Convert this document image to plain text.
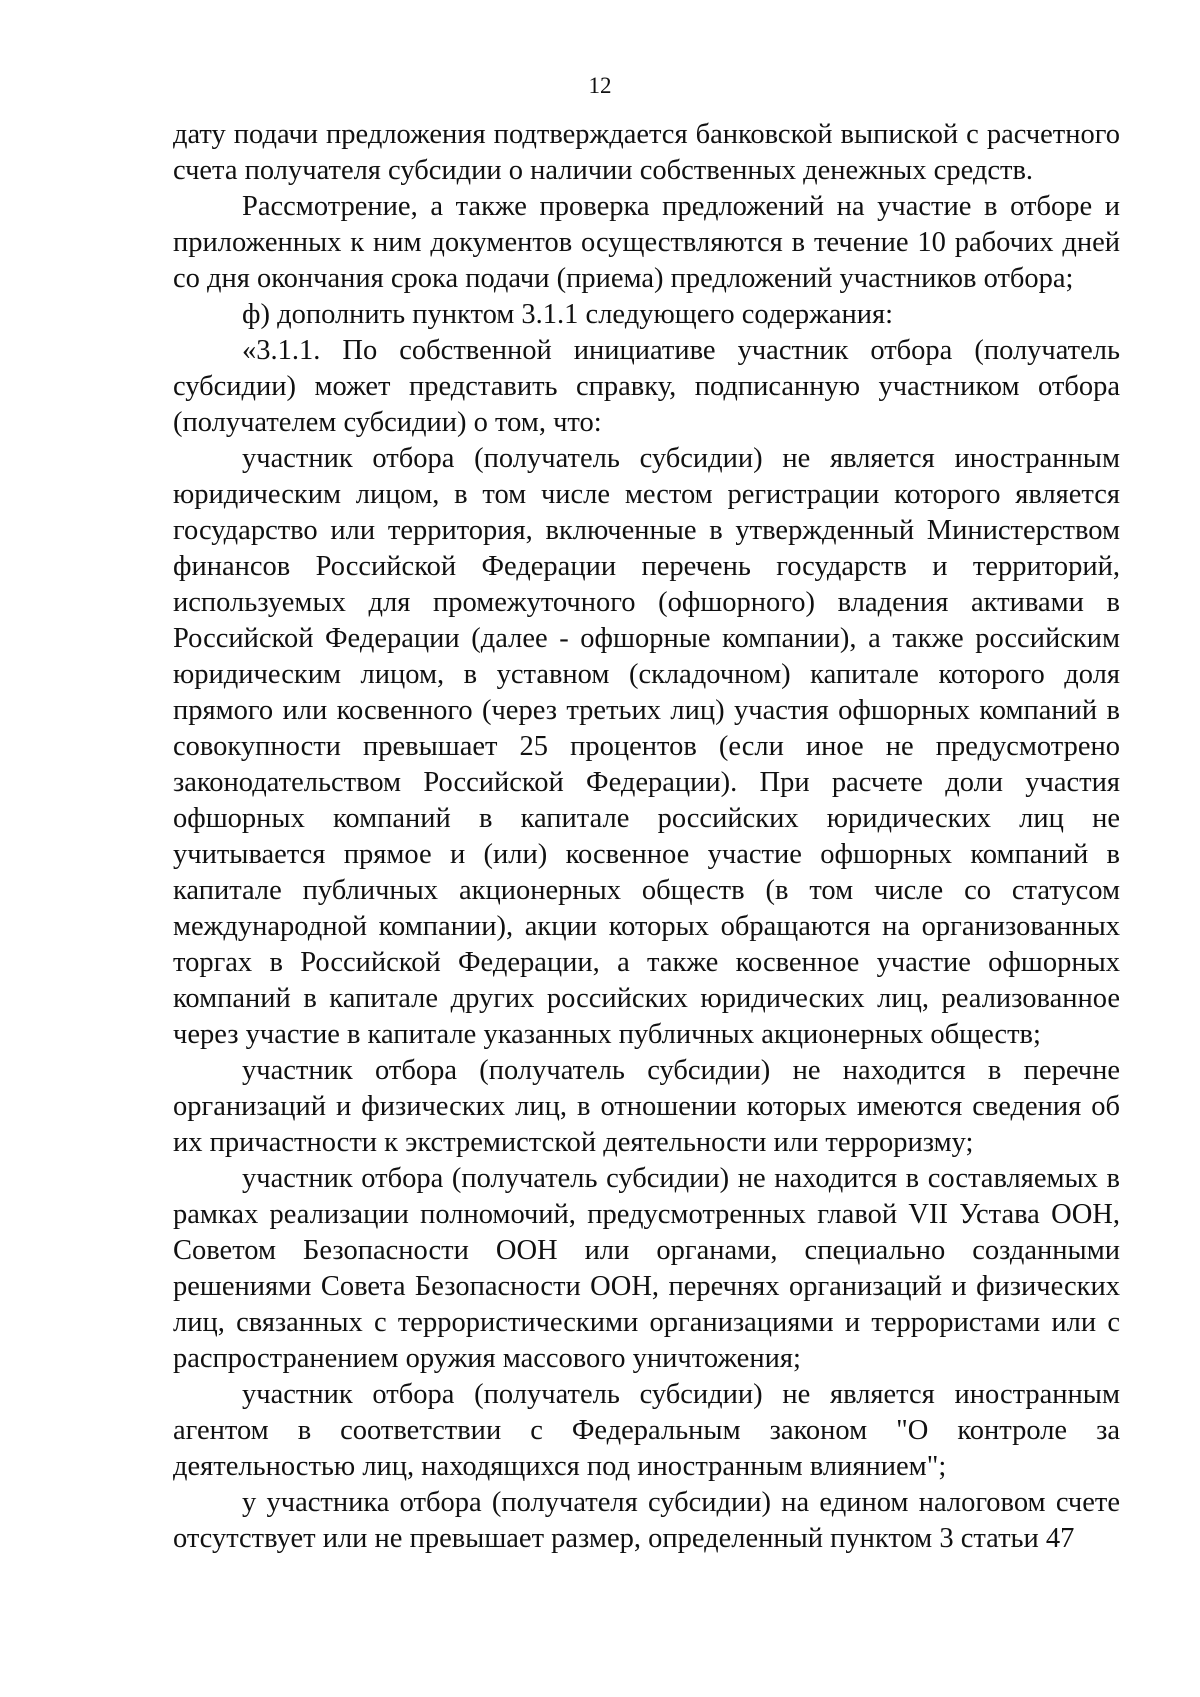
12

дату подачи предложения подтверждается банковской выпиской с расчетного счета получателя субсидии о наличии собственных денежных средств.

Рассмотрение, а также проверка предложений на участие в отборе и приложенных к ним документов осуществляются в течение 10 рабочих дней со дня окончания срока подачи (приема) предложений участников отбора;

ф) дополнить пунктом 3.1.1 следующего содержания:

«3.1.1. По собственной инициативе участник отбора (получатель субсидии) может представить справку, подписанную участником отбора (получателем субсидии) о том, что:

участник отбора (получатель субсидии) не является иностранным юридическим лицом, в том числе местом регистрации которого является государство или территория, включенные в утвержденный Министерством финансов Российской Федерации перечень государств и территорий, используемых для промежуточного (офшорного) владения активами в Российской Федерации (далее - офшорные компании), а также российским юридическим лицом, в уставном (складочном) капитале которого доля прямого или косвенного (через третьих лиц) участия офшорных компаний в совокупности превышает 25 процентов (если иное не предусмотрено законодательством Российской Федерации). При расчете доли участия офшорных компаний в капитале российских юридических лиц не учитывается прямое и (или) косвенное участие офшорных компаний в капитале публичных акционерных обществ (в том числе со статусом международной компании), акции которых обращаются на организованных торгах в Российской Федерации, а также косвенное участие офшорных компаний в капитале других российских юридических лиц, реализованное через участие в капитале указанных публичных акционерных обществ;

участник отбора (получатель субсидии) не находится в перечне организаций и физических лиц, в отношении которых имеются сведения об их причастности к экстремистской деятельности или терроризму;

участник отбора (получатель субсидии) не находится в составляемых в рамках реализации полномочий, предусмотренных главой VII Устава ООН, Советом Безопасности ООН или органами, специально созданными решениями Совета Безопасности ООН, перечнях организаций и физических лиц, связанных с террористическими организациями и террористами или с распространением оружия массового уничтожения;

участник отбора (получатель субсидии) не является иностранным агентом в соответствии с Федеральным законом "О контроле за деятельностью лиц, находящихся под иностранным влиянием";

у участника отбора (получателя субсидии) на едином налоговом счете отсутствует или не превышает размер, определенный пунктом 3 статьи 47
